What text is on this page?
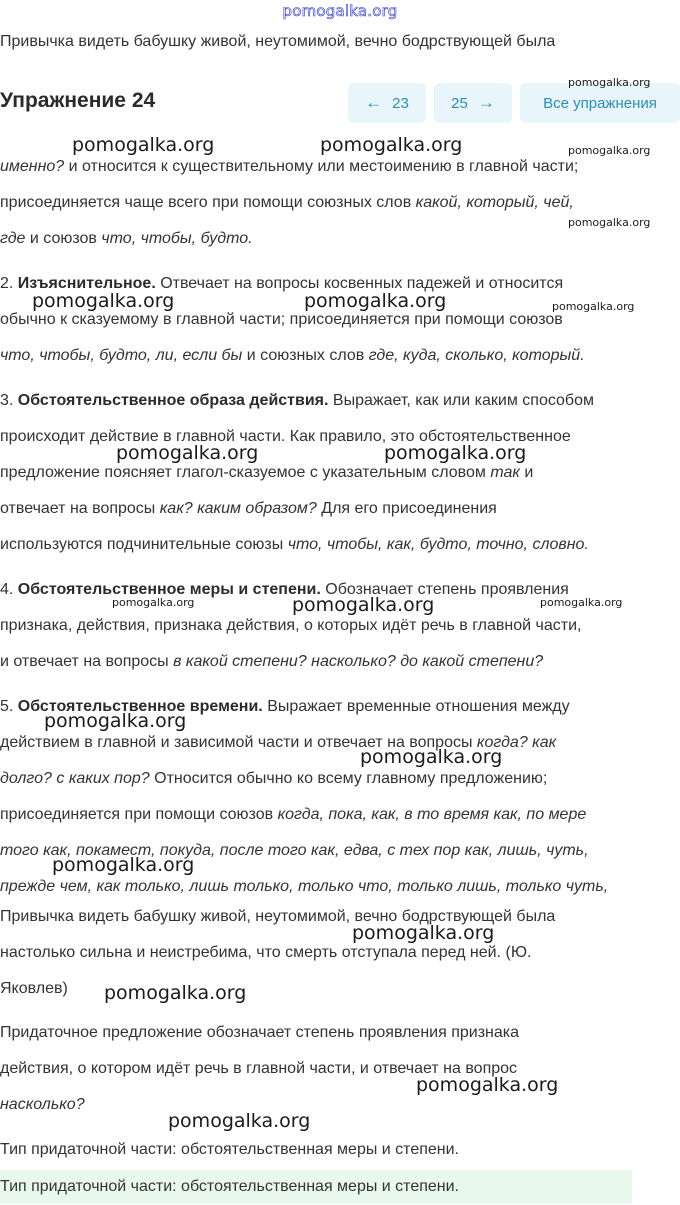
pomogalka.org
Привычка видеть бабушку живой, неутомимой, вечно бодрствующей была
Упражнение 24	← 23	25 →	Все упражнения
именно? и относится к существительному или местоимению в главной части;
присоединяется чаще всего при помощи союзных слов какой, который, чей,
где и союзов что, чтобы, будто.
2. Изъяснительное. Отвечает на вопросы косвенных падежей и относится
обычно к сказуемому в главной части; присоединяется при помощи союзов
что, чтобы, будто, ли, если бы и союзных слов где, куда, сколько, который.
3. Обстоятельственное образа действия. Выражает, как или каким способом
происходит действие в главной части. Как правило, это обстоятельственное
предложение поясняет глагол-сказуемое с указательным словом так и
отвечает на вопросы как? каким образом? Для его присоединения
используются подчинительные союзы что, чтобы, как, будто, точно, словно.
4. Обстоятельственное меры и степени. Обозначает степень проявления
признака, действия, признака действия, о которых идёт речь в главной части,
и отвечает на вопросы в какой степени? насколько? до какой степени?
5. Обстоятельственное времени. Выражает временные отношения между
действием в главной и зависимой части и отвечает на вопросы когда? как
долго? с каких пор? Относится обычно ко всему главному предложению;
присоединяется при помощи союзов когда, пока, как, в то время как, по мере
того как, покамест, покуда, после того как, едва, с тех пор как, лишь, чуть,
прежде чем, как только, лишь только, только что, только лишь, только чуть,
Привычка видеть бабушку живой, неутомимой, вечно бодрствующей была
настолько сильна и неистребима, что смерть отступала перед ней. (Ю.
Яковлев)
Придаточное предложение обозначает степень проявления признака
действия, о котором идёт речь в главной части, и отвечает на вопрос
насколько?
Тип придаточной части: обстоятельственная меры и степени.
Тип придаточной части: обстоятельственная меры и степени.
pomogalka.org
pomogalka.org	pomogalka.org	pomogalka.org
pomogalka.org
pomogalka.org	pomogalka.org	pomogalka.org
pomogalka.org	pomogalka.org
pomogalka.org	pomogalka.org	pomogalka.org
pomogalka.org
pomogalka.org
pomogalka.org
pomogalka.org
pomogalka.org
pomogalka.org
pomogalka.org
